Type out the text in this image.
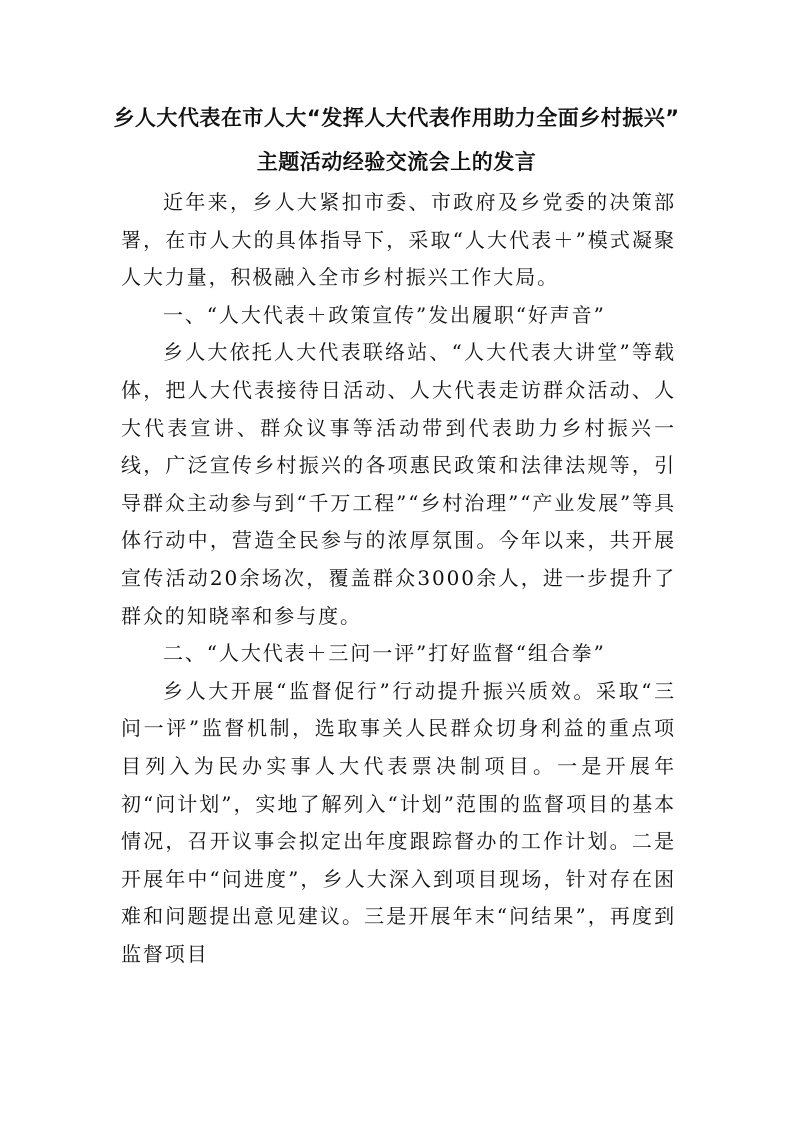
乡人大代表在市人大“发挥人大代表作用助力全面乡村振兴”
主题活动经验交流会上的发言

近年来，乡人大紧扣市委、市政府及乡党委的决策部署，在市人大的具体指导下，采取“人大代表＋”模式凝聚人大力量，积极融入全市乡村振兴工作大局。

一、“人大代表＋政策宣传”发出履职“好声音”

乡人大依托人大代表联络站、“人大代表大讲堂”等载体，把人大代表接待日活动、人大代表走访群众活动、人大代表宣讲、群众议事等活动带到代表助力乡村振兴一线，广泛宣传乡村振兴的各项惠民政策和法律法规等，引导群众主动参与到“千万工程”“乡村治理”“产业发展”等具体行动中，营造全民参与的浓厚氛围。今年以来，共开展宣传活动20余场次，覆盖群众3000余人，进一步提升了群众的知晓率和参与度。

二、“人大代表＋三问一评”打好监督“组合拳”

乡人大开展“监督促行”行动提升振兴质效。采取“三问一评”监督机制，选取事关人民群众切身利益的重点项目列入为民办实事人大代表票决制项目。一是开展年初“问计划”，实地了解列入“计划”范围的监督项目的基本情况，召开议事会拟定出年度跟踪督办的工作计划。二是开展年中“问进度”，乡人大深入到项目现场，针对存在困难和问题提出意见建议。三是开展年末“问结果”，再度到监督项目
